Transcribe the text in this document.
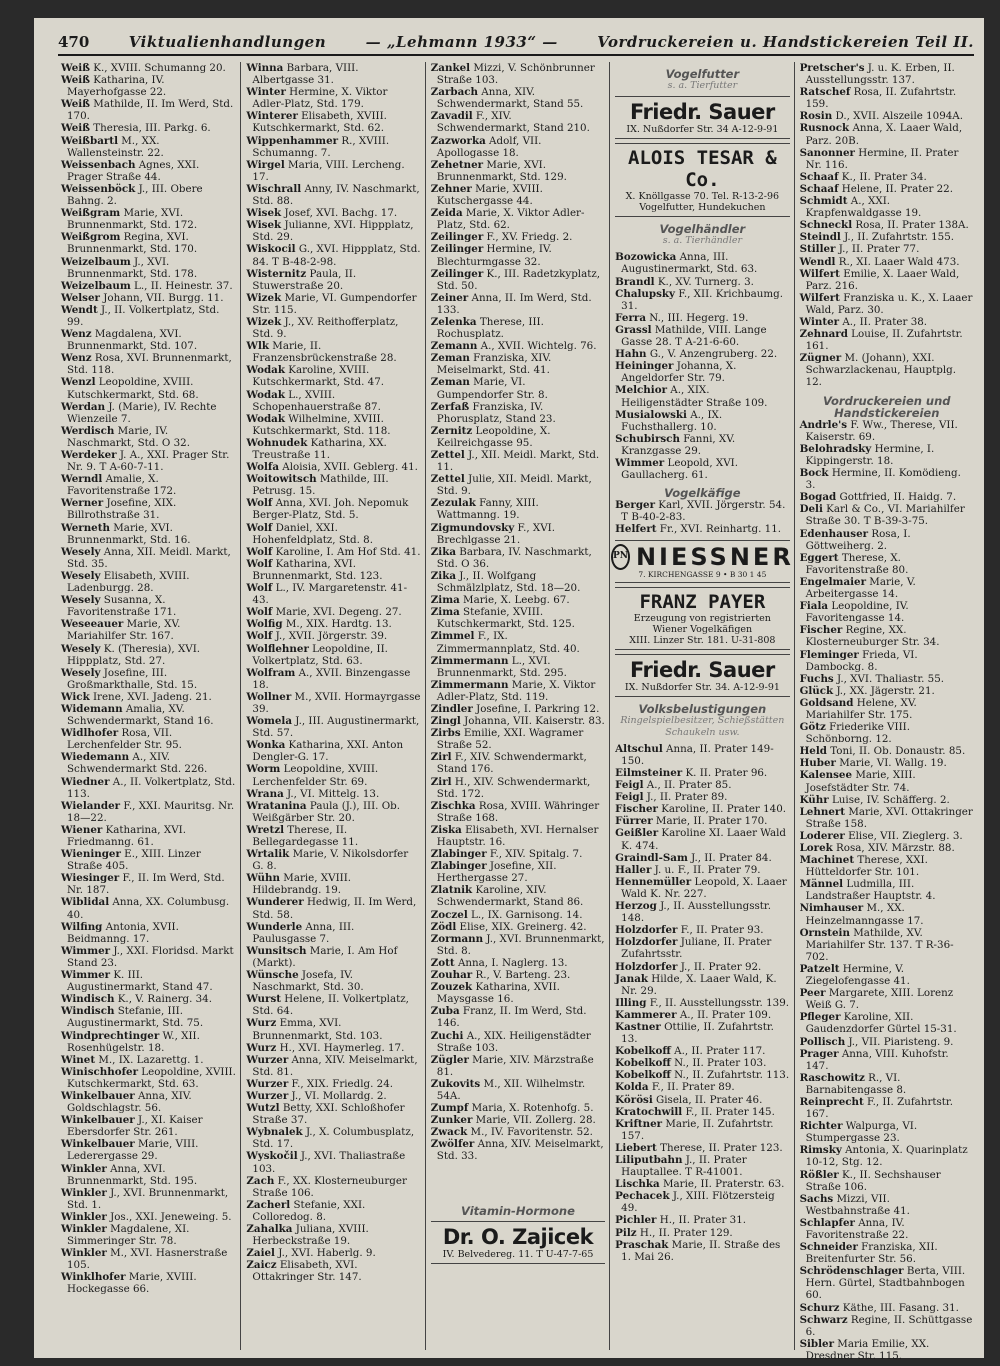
470	Viktualienhandlungen	— „Lehmann 1933“ —	Vordruckereien u. Handstickereien Teil II.
Weiß K., XVIII. Schumanng 20.
Weiß Katharina, IV. Mayerhofgasse 22.
Weiß Mathilde, II. Im Werd, Std. 170.
Weiß Theresia, III. Parkg. 6.
Weißbartl M., XX. Wallensteinstr. 22.
Weissenbach Agnes, XXI. Prager Straße 44.
Weissenböck J., III. Obere Bahng. 2.
Weißgram Marie, XVI. Brunnenmarkt, Std. 172.
Weißgrom Regina, XVI. Brunnenmarkt, Std. 170.
Weizelbaum J., XVI. Brunnenmarkt, Std. 178.
Weizelbaum L., II. Heinestr. 37.
Welser Johann, VII. Burgg. 11.
Wendt J., II. Volkertplatz, Std. 99.
Wenz Magdalena, XVI. Brunnenmarkt, Std. 107.
Wenz Rosa, XVI. Brunnenmarkt, Std. 118.
Wenzl Leopoldine, XVIII. Kutschkermarkt, Std. 68.
Werdan J. (Marie), IV. Rechte Wienzeile 7.
Werdisch Marie, IV. Naschmarkt, Std. O 32.
Werdeker J. A., XXI. Prager Str. Nr. 9. T A-60-7-11.
Werndl Amalie, X. Favoritenstraße 172.
Werner Josefine, XIX. Billrothstraße 31.
Werneth Marie, XVI. Brunnenmarkt, Std. 16.
Wesely Anna, XII. Meidl. Markt, Std. 35.
Wesely Elisabeth, XVIII. Ladenburgg. 28.
Wesely Susanna, X. Favoritenstraße 171.
Weseeauer Marie, XV. Mariahilfer Str. 167.
Wesely K. (Theresia), XVI. Hippplatz, Std. 27.
Wesely Josefine, III. Großmarkthalle, Std. 15.
Wick Irene, XVI. Jadeng. 21.
Widemann Amalia, XV. Schwendermarkt, Stand 16.
Widlhofer Rosa, VII. Lerchenfelder Str. 95.
Wiedemann A., XIV. Schwendermarkt Std. 226.
Wiedner A., II. Volkertplatz, Std. 113.
Wielander F., XXI. Mauritsg. Nr. 18—22.
Wiener Katharina, XVI. Friedmanng. 61.
Wieninger E., XIII. Linzer Straße 405.
Wiesinger F., II. Im Werd, Std. Nr. 187.
Wiblidal Anna, XX. Columbusg. 40.
Wilfing Antonia, XVII. Beidmanng. 17.
Wimmer J., XXI. Floridsd. Markt Stand 23.
Wimmer K. III. Augustinermarkt, Stand 47.
Windisch K., V. Rainerg. 34.
Windisch Stefanie, III. Augustinermarkt, Std. 75.
Windprechtinger W., XII. Rosenhügelstr. 18.
Winet M., IX. Lazarettg. 1.
Winischhofer Leopoldine, XVIII. Kutschkermarkt, Std. 63.
Winkelbauer Anna, XIV. Goldschlagstr. 56.
Winkelbauer J., XI. Kaiser Ebersdorfer Str. 261.
Winkelbauer Marie, VIII. Lederergasse 29.
Winkler Anna, XVI. Brunnenmarkt, Std. 195.
Winkler J., XVI. Brunnenmarkt, Std. 1.
Winkler Jos., XXI. Jeneweing. 5.
Winkler Magdalene, XI. Simmeringer Str. 78.
Winkler M., XVI. Hasnerstraße 105.
Winklhofer Marie, XVIII. Hockegasse 66.
Winna Barbara, VIII. Albertgasse 31.
Winter Hermine, X. Viktor Adler-Platz, Std. 179.
Winterer Elisabeth, XVIII. Kutschkermarkt, Std. 62.
Wippenhammer R., XVIII. Schumanng. 7.
Wirgel Maria, VIII. Lercheng. 17.
Wischrall Anny, IV. Naschmarkt, Std. 88.
Wisek Josef, XVI. Bachg. 17.
Wisek Julianne, XVI. Hippplatz, Std. 29.
Wiskocil G., XVI. Hippplatz, Std. 84. T B-48-2-98.
Wisternitz Paula, II. Stuwerstraße 20.
Wizek Marie, VI. Gumpendorfer Str. 115.
Wizek J., XV. Reithofferplatz, Std. 9.
Wlk Marie, II. Franzensbrückenstraße 28.
Wodak Karoline, XVIII. Kutschkermarkt, Std. 47.
Wodak L., XVIII. Schopenhauerstraße 87.
Wodak Wilhelmine, XVIII. Kutschkermarkt, Std. 118.
Wohnudek Katharina, XX. Treustraße 11.
Wolfa Aloisia, XVII. Geblerg. 41.
Woitowitsch Mathilde, III. Petrusg. 15.
Wolf Anna, XVI. Joh. Nepomuk Berger-Platz, Std. 5.
Wolf Daniel, XXI. Hohenfeldplatz, Std. 8.
Wolf Karoline, I. Am Hof Std. 41.
Wolf Katharina, XVI. Brunnenmarkt, Std. 123.
Wolf L., IV. Margaretenstr. 41-43.
Wolf Marie, XVI. Degeng. 27.
Wolfig M., XIX. Hardtg. 13.
Wolf J., XVII. Jörgerstr. 39.
Wolflehner Leopoldine, II. Volkertplatz, Std. 63.
Wolfram A., XVII. Binzengasse 18.
Wollner M., XVII. Hormayrgasse 39.
Womela J., III. Augustinermarkt, Std. 57.
Wonka Katharina, XXI. Anton Dengler-G. 17.
Worm Leopoldine, XVIII. Lerchenfelder Str. 69.
Wrana J., VI. Mittelg. 13.
Wratanina Paula (J.), III. Ob. Weißgärber Str. 20.
Wretzl Therese, II. Bellegardegasse 11.
Wrtalik Marie, V. Nikolsdorfer G. 8.
Wühn Marie, XVIII. Hildebrandg. 19.
Wunderer Hedwig, II. Im Werd, Std. 58.
Wunderle Anna, III. Paulusgasse 7.
Wunsitsch Marie, I. Am Hof (Markt).
Wünsche Josefa, IV. Naschmarkt, Std. 30.
Wurst Helene, II. Volkertplatz, Std. 64.
Wurz Emma, XVI. Brunnenmarkt, Std. 103.
Wurz H., XVI. Haymerleg. 17.
Wurzer Anna, XIV. Meiselmarkt, Std. 81.
Wurzer F., XIX. Friedlg. 24.
Wurzer J., VI. Mollardg. 2.
Wutzl Betty, XXI. Schloßhofer Straße 37.
Wybnalek J., X. Columbusplatz, Std. 17.
Wyskočil J., XVI. Thaliastraße 103.
Zach F., XX. Klosterneuburger Straße 106.
Zacherl Stefanie, XXI. Colloredog. 8.
Zahalka Juliana, XVIII. Herbeckstraße 19.
Zaiel J., XVI. Haberlg. 9.
Zaicz Elisabeth, XVI. Ottakringer Str. 147.
Zankel Mizzi, V. Schönbrunner Straße 103.
Zarbach Anna, XIV. Schwendermarkt, Stand 55.
Zavadil F., XIV. Schwendermarkt, Stand 210.
Zazworka Adolf, VII. Apollogasse 18.
Zehetner Marie, XVI. Brunnenmarkt, Std. 129.
Zehner Marie, XVIII. Kutschergasse 44.
Zeida Marie, X. Viktor Adler-Platz, Std. 62.
Zeilinger F., XV. Friedg. 2.
Zeilinger Hermine, IV. Blechturmgasse 32.
Zeilinger K., III. Radetzkyplatz, Std. 50.
Zeiner Anna, II. Im Werd, Std. 133.
Zelenka Therese, III. Rochusplatz.
Zemann A., XVII. Wichtelg. 76.
Zeman Franziska, XIV. Meiselmarkt, Std. 41.
Zeman Marie, VI. Gumpendorfer Str. 8.
Zerfaß Franziska, IV. Phorusplatz, Stand 23.
Zernitz Leopoldine, X. Keilreichgasse 95.
Zettel J., XII. Meidl. Markt, Std. 11.
Zettel Julie, XII. Meidl. Markt, Std. 9.
Zezulak Fanny, XIII. Wattmanng. 19.
Zigmundovsky F., XVI. Brechlgasse 21.
Zika Barbara, IV. Naschmarkt, Std. O 36.
Zika J., II. Wolfgang Schmälzlplatz, Std. 18—20.
Zima Marie, X. Leebg. 67.
Zima Stefanie, XVIII. Kutschkermarkt, Std. 125.
Zimmel F., IX. Zimmermannplatz, Std. 40.
Zimmermann L., XVI. Brunnenmarkt, Std. 295.
Zimmermann Marie, X. Viktor Adler-Platz, Std. 119.
Zindler Josefine, I. Parkring 12.
Zingl Johanna, VII. Kaiserstr. 83.
Zirbs Emilie, XXI. Wagramer Straße 52.
Zirl F., XIV. Schwendermarkt, Stand 176.
Zirl H., XIV. Schwendermarkt, Std. 172.
Zischka Rosa, XVIII. Währinger Straße 168.
Ziska Elisabeth, XVI. Hernalser Hauptstr. 16.
Zlabinger F., XIV. Spitalg. 7.
Zlabinger Josefine, XII. Herthergasse 27.
Zlatnik Karoline, XIV. Schwendermarkt, Stand 86.
Zoczel L., IX. Garnisong. 14.
Zödl Elise, XIX. Greinerg. 42.
Zormann J., XVI. Brunnenmarkt, Std. 8.
Zott Anna, I. Naglerg. 13.
Zouhar R., V. Barteng. 23.
Zouzek Katharina, XVII. Maysgasse 16.
Zuba Franz, II. Im Werd, Std. 146.
Zuchi A., XIX. Heiligenstädter Straße 103.
Zügler Marie, XIV. Märzstraße 81.
Zukovits M., XII. Wilhelmstr. 54A.
Zumpf Maria, X. Rotenhofg. 5.
Zunker Marie, VII. Zollerg. 28.
Zwack M., IV. Favoritenstr. 52.
Zwölfer Anna, XIV. Meiselmarkt, Std. 33.
Vitamin-Hormone
Dr. O. Zajicek
IV. Belvedereg. 11. T U-47-7-65
Vogelfutter
s. a. Tierfutter
Friedr. Sauer
IX. Nußdorfer Str. 34 A-12-9-91
ALOIS TESAR & Co.
X. Knöllgasse 70. Tel. R-13-2-96
Vogelfutter, Hundekuchen
Vogelhändler
s. a. Tierhändler
Bozowicka Anna, III. Augustinermarkt, Std. 63.
Brandl K., XV. Turnerg. 3.
Chalupsky F., XII. Krichbaumg. 31.
Ferra N., III. Hegerg. 19.
Grassl Mathilde, VIII. Lange Gasse 28. T A-21-6-60.
Hahn G., V. Anzengruberg. 22.
Heininger Johanna, X. Angeldorfer Str. 79.
Melchior A., XIX. Heiligenstädter Straße 109.
Musialowski A., IX. Fuchsthallerg. 10.
Schubirsch Fanni, XV. Kranzgasse 29.
Wimmer Leopold, XVI. Gaullacherg. 61.
Vogelkäfige
Berger Karl, XVII. Jörgerstr. 54. T B-40-2-83.
Helfert Fr., XVI. Reinhartg. 11.
PN NIESSNER
7. KIRCHENGASSE 9 • B 30 1 45
FRANZ PAYER
Erzeugung von registrierten Wiener Vogelkäfigen
XIII. Linzer Str. 181. U-31-808
Friedr. Sauer
IX. Nußdorfer Str. 34. A-12-9-91
Volksbelustigungen
Ringelspielbesitzer, Schießstätten Schaukeln usw.
Altschul Anna, II. Prater 149-150.
Eilmsteiner K. II. Prater 96.
Feigl A., II. Prater 85.
Feigl J., II. Prater 89.
Fischer Karoline, II. Prater 140.
Fürrer Marie, II. Prater 170.
Geißler Karoline XI. Laaer Wald K. 474.
Graindl-Sam J., II. Prater 84.
Haller J. u. F., II. Prater 79.
Hennemüller Leopold, X. Laaer Wald K. Nr. 227.
Herzog J., II. Ausstellungsstr. 148.
Holzdorfer F., II. Prater 93.
Holzdorfer Juliane, II. Prater Zufahrtsstr.
Holzdorfer J., II. Prater 92.
Janak Hilde, X. Laaer Wald, K. Nr. 29.
Illing F., II. Ausstellungsstr. 139.
Kammerer A., II. Prater 109.
Kastner Ottilie, II. Zufahrtstr. 13.
Kobelkoff A., II. Prater 117.
Kobelkoff N., II. Prater 103.
Kobelkoff N., II. Zufahrtstr. 113.
Kolda F., II. Prater 89.
Körösi Gisela, II. Prater 46.
Kratochwill F., II. Prater 145.
Kriftner Marie, II. Zufahrtstr. 157.
Liebert Therese, II. Prater 123.
Liliputbahn J., II. Prater Hauptallee. T R-41001.
Lischka Marie, II. Praterstr. 63.
Pechacek J., XIII. Flötzersteig 49.
Pichler H., II. Prater 31.
Pilz H., II. Prater 129.
Praschak Marie, II. Straße des 1. Mai 26.
Pretscher's J. u. K. Erben, II. Ausstellungsstr. 137.
Ratschef Rosa, II. Zufahrtstr. 159.
Rosin D., XVII. Alszeile 1094A.
Rusnock Anna, X. Laaer Wald, Parz. 20B.
Sanonner Hermine, II. Prater Nr. 116.
Schaaf K., II. Prater 34.
Schaaf Helene, II. Prater 22.
Schmidt A., XXI. Krapfenwaldgasse 19.
Schneckl Rosa, II. Prater 138A.
Steindl J., II. Zufahrtstr. 155.
Stiller J., II. Prater 77.
Wendl R., XI. Laaer Wald 473.
Wilfert Emilie, X. Laaer Wald, Parz. 216.
Wilfert Franziska u. K., X. Laaer Wald, Parz. 30.
Winter A., II. Prater 38.
Zehnard Louise, II. Zufahrtstr. 161.
Zügner M. (Johann), XXI. Schwarzlackenau, Hauptplg. 12.
Vordruckereien und Handstickereien
Andrle's F. Ww., Therese, VII. Kaiserstr. 69.
Belohradsky Hermine, I. Kippingerstr. 18.
Bock Hermine, II. Komödieng. 3.
Bogad Gottfried, II. Haidg. 7.
Deli Karl & Co., VI. Mariahilfer Straße 30. T B-39-3-75.
Edenhauser Rosa, I. Göttweiherg. 2.
Eggert Therese, X. Favoritenstraße 80.
Engelmaier Marie, V. Arbeitergasse 14.
Fiala Leopoldine, IV. Favoritengasse 14.
Fischer Regine, XX. Klosterneuburger Str. 34.
Fleminger Frieda, VI. Dambockg. 8.
Fuchs J., XVI. Thaliastr. 55.
Glück J., XX. Jägerstr. 21.
Goldsand Helene, XV. Mariahilfer Str. 175.
Götz Friederike VIII. Schönborng. 12.
Held Toni, II. Ob. Donaustr. 85.
Huber Marie, VI. Wallg. 19.
Kalensee Marie, XIII. Josefstädter Str. 74.
Kühr Luise, IV. Schäfferg. 2.
Lehnert Marie, XVI. Ottakringer Straße 158.
Loderer Elise, VII. Zieglerg. 3.
Lorek Rosa, XIV. Märzstr. 88.
Machinet Therese, XXI. Hütteldorfer Str. 101.
Männel Ludmilla, III. Landstraßer Hauptstr. 4.
Nimhauser M., XX. Heinzelmanngasse 17.
Ornstein Mathilde, XV. Mariahilfer Str. 137. T R-36-702.
Patzelt Hermine, V. Ziegelofengasse 41.
Peer Margarete, XIII. Lorenz Weiß G. 7.
Pfleger Karoline, XII. Gaudenzdorfer Gürtel 15-31.
Pollisch J., VII. Piaristeng. 9.
Prager Anna, VIII. Kuhofstr. 147.
Raschowitz R., VI. Barnabitengasse 8.
Reinprecht F., II. Zufahrtstr. 167.
Richter Walpurga, VI. Stumpergasse 23.
Rimsky Antonia, X. Quarinplatz 10-12, Stg. 12.
Rößler K., II. Sechshauser Straße 106.
Sachs Mizzi, VII. Westbahnstraße 41.
Schlapfer Anna, IV. Favoritenstraße 22.
Schneider Franziska, XII. Breitenfurter Str. 56.
Schrödenschlager Berta, VIII. Hern. Gürtel, Stadtbahnbogen 60.
Schurz Käthe, III. Fasang. 31.
Schwarz Regine, II. Schüttgasse 6.
Sibler Maria Emilie, XX. Dresdner Str. 115.
